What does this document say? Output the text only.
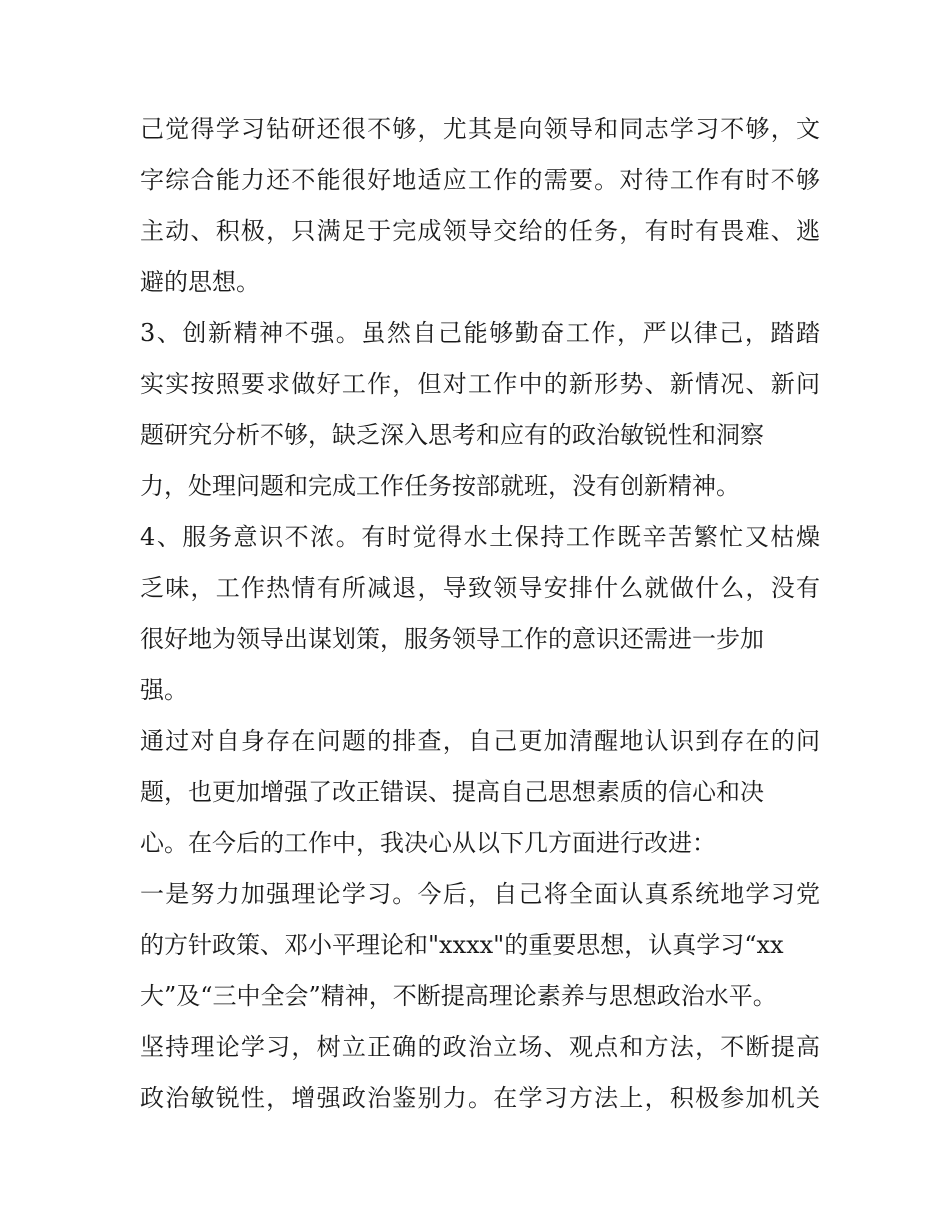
己觉得学习钻研还很不够，尤其是向领导和同志学习不够，文
字综合能力还不能很好地适应工作的需要。对待工作有时不够
主动、积极，只满足于完成领导交给的任务，有时有畏难、逃
避的思想。
3、创新精神不强。虽然自己能够勤奋工作，严以律己，踏踏
实实按照要求做好工作，但对工作中的新形势、新情况、新问
题研究分析不够，缺乏深入思考和应有的政治敏锐性和洞察
力，处理问题和完成工作任务按部就班，没有创新精神。
4、服务意识不浓。有时觉得水土保持工作既辛苦繁忙又枯燥
乏味，工作热情有所减退，导致领导安排什么就做什么，没有
很好地为领导出谋划策，服务领导工作的意识还需进一步加
强。
通过对自身存在问题的排查，自己更加清醒地认识到存在的问
题，也更加增强了改正错误、提高自己思想素质的信心和决
心。在今后的工作中，我决心从以下几方面进行改进：
一是努力加强理论学习。今后，自己将全面认真系统地学习党
的方针政策、邓小平理论和"xxxx"的重要思想，认真学习“xx
大”及“三中全会”精神，不断提高理论素养与思想政治水平。
坚持理论学习，树立正确的政治立场、观点和方法，不断提高
政治敏锐性，增强政治鉴别力。在学习方法上，积极参加机关
